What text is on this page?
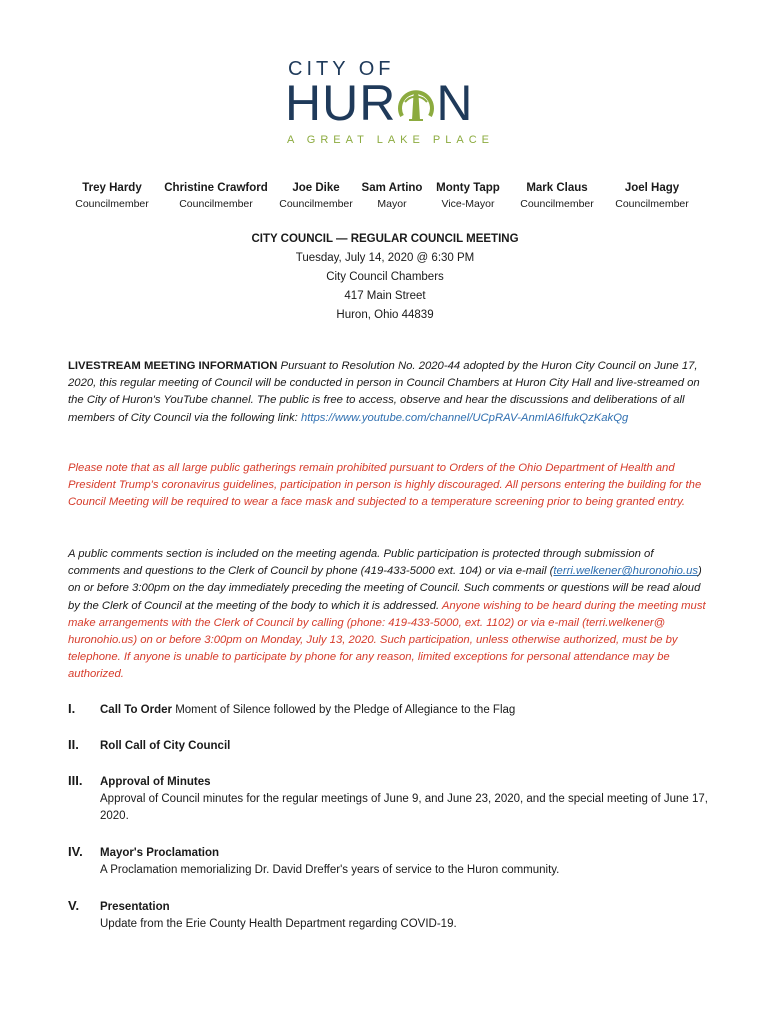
CITY OF
HUR N
A GREAT LAKE PLACE
Trey Hardy
Councilmember
Christine Crawford
Councilmember
Joe Dike
Councilmember
Sam Artino
Mayor
Monty Tapp
Vice-Mayor
Mark Claus
Councilmember
Joel Hagy
Councilmember
CITY COUNCIL — REGULAR COUNCIL MEETING
Tuesday, July 14, 2020 @ 6:30 PM
City Council Chambers
417 Main Street
Huron, Ohio 44839
LIVESTREAM MEETING INFORMATION Pursuant to Resolution No. 2020-44 adopted by the Huron City Council on June 17, 2020, this regular meeting of Council will be conducted in person in Council Chambers at Huron City Hall and live-streamed on the City of Huron's YouTube channel. The public is free to access, observe and hear the discussions and deliberations of all members of City Council via the following link: https://www.youtube.com/channel/UCpRAV-AnmIA6IfukQzKakQg
Please note that as all large public gatherings remain prohibited pursuant to Orders of the Ohio Department of Health and President Trump's coronavirus guidelines, participation in person is highly discouraged. All persons entering the building for the Council Meeting will be required to wear a face mask and subjected to a temperature screening prior to being granted entry.
A public comments section is included on the meeting agenda. Public participation is protected through submission of comments and questions to the Clerk of Council by phone (419-433-5000 ext. 104) or via e-mail (terri.welkener@huronohio.us) on or before 3:00pm on the day immediately preceding the meeting of Council. Such comments or questions will be read aloud by the Clerk of Council at the meeting of the body to which it is addressed. Anyone wishing to be heard during the meeting must make arrangements with the Clerk of Council by calling (phone: 419-433-5000, ext. 1102) or via e-mail (terri.welkener@ huronohio.us) on or before 3:00pm on Monday, July 13, 2020. Such participation, unless otherwise authorized, must be by telephone. If anyone is unable to participate by phone for any reason, limited exceptions for personal attendance may be authorized.
I. Call To Order Moment of Silence followed by the Pledge of Allegiance to the Flag
II. Roll Call of City Council
III. Approval of Minutes
Approval of Council minutes for the regular meetings of June 9, and June 23, 2020, and the special meeting of June 17, 2020.
IV. Mayor's Proclamation
A Proclamation memorializing Dr. David Dreffer's years of service to the Huron community.
V. Presentation
Update from the Erie County Health Department regarding COVID-19.
